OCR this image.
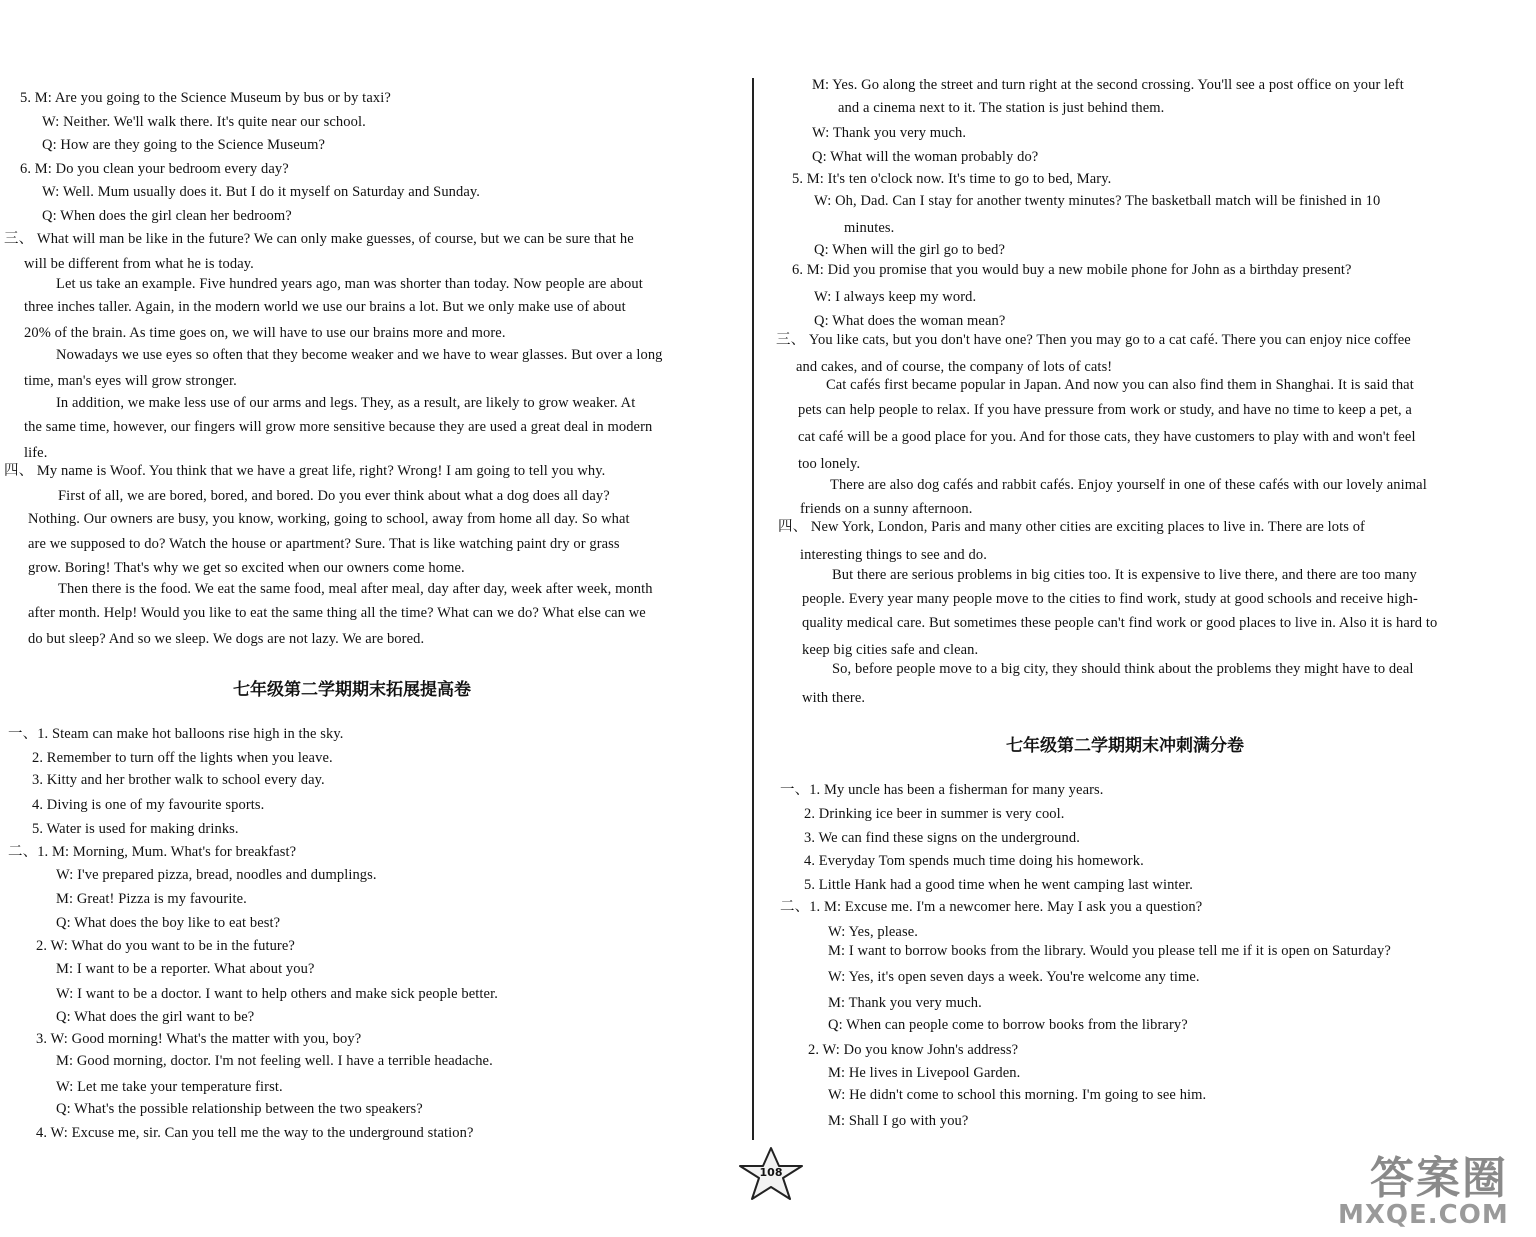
5. M: Are you going to the Science Museum by bus or by taxi?
W: Neither. We'll walk there. It's quite near our school.
Q: How are they going to the Science Museum?
6. M: Do you clean your bedroom every day?
W: Well. Mum usually does it. But I do it myself on Saturday and Sunday.
Q: When does the girl clean her bedroom?
三、 What will man be like in the future? We can only make guesses, of course, but we can be sure that he
will be different from what he is today.
Let us take an example. Five hundred years ago, man was shorter than today. Now people are about
three inches taller. Again, in the modern world we use our brains a lot. But we only make use of about
20% of the brain. As time goes on, we will have to use our brains more and more.
Nowadays we use eyes so often that they become weaker and we have to wear glasses. But over a long
time, man's eyes will grow stronger.
In addition, we make less use of our arms and legs. They, as a result, are likely to grow weaker. At
the same time, however, our fingers will grow more sensitive because they are used a great deal in modern
life.
四、 My name is Woof. You think that we have a great life, right? Wrong! I am going to tell you why.
First of all, we are bored, bored, and bored. Do you ever think about what a dog does all day?
Nothing. Our owners are busy, you know, working, going to school, away from home all day. So what
are we supposed to do? Watch the house or apartment? Sure. That is like watching paint dry or grass
grow. Boring! That's why we get so excited when our owners come home.
Then there is the food. We eat the same food, meal after meal, day after day, week after week, month
after month. Help! Would you like to eat the same thing all the time? What can we do? What else can we
do but sleep? And so we sleep. We dogs are not lazy. We are bored.
七年级第二学期期末拓展提高卷
一、1. Steam can make hot balloons rise high in the sky.
2. Remember to turn off the lights when you leave.
3. Kitty and her brother walk to school every day.
4. Diving is one of my favourite sports.
5. Water is used for making drinks.
二、1. M: Morning, Mum. What's for breakfast?
W: I've prepared pizza, bread, noodles and dumplings.
M: Great! Pizza is my favourite.
Q: What does the boy like to eat best?
2. W: What do you want to be in the future?
M: I want to be a reporter. What about you?
W: I want to be a doctor. I want to help others and make sick people better.
Q: What does the girl want to be?
3. W: Good morning! What's the matter with you, boy?
M: Good morning, doctor. I'm not feeling well. I have a terrible headache.
W: Let me take your temperature first.
Q: What's the possible relationship between the two speakers?
4. W: Excuse me, sir. Can you tell me the way to the underground station?
M: Yes. Go along the street and turn right at the second crossing. You'll see a post office on your left
and a cinema next to it. The station is just behind them.
W: Thank you very much.
Q: What will the woman probably do?
5. M: It's ten o'clock now. It's time to go to bed, Mary.
W: Oh, Dad. Can I stay for another twenty minutes? The basketball match will be finished in 10
minutes.
Q: When will the girl go to bed?
6. M: Did you promise that you would buy a new mobile phone for John as a birthday present?
W: I always keep my word.
Q: What does the woman mean?
三、 You like cats, but you don't have one? Then you may go to a cat café. There you can enjoy nice coffee
and cakes, and of course, the company of lots of cats!
Cat cafés first became popular in Japan. And now you can also find them in Shanghai. It is said that
pets can help people to relax. If you have pressure from work or study, and have no time to keep a pet, a
cat café will be a good place for you. And for those cats, they have customers to play with and won't feel
too lonely.
There are also dog cafés and rabbit cafés. Enjoy yourself in one of these cafés with our lovely animal
friends on a sunny afternoon.
四、 New York, London, Paris and many other cities are exciting places to live in. There are lots of
interesting things to see and do.
But there are serious problems in big cities too. It is expensive to live there, and there are too many
people. Every year many people move to the cities to find work, study at good schools and receive high-
quality medical care. But sometimes these people can't find work or good places to live in. Also it is hard to
keep big cities safe and clean.
So, before people move to a big city, they should think about the problems they might have to deal
with there.
七年级第二学期期末冲刺满分卷
一、1. My uncle has been a fisherman for many years.
2. Drinking ice beer in summer is very cool.
3. We can find these signs on the underground.
4. Everyday Tom spends much time doing his homework.
5. Little Hank had a good time when he went camping last winter.
二、1. M: Excuse me. I'm a newcomer here. May I ask you a question?
W: Yes, please.
M: I want to borrow books from the library. Would you please tell me if it is open on Saturday?
W: Yes, it's open seven days a week. You're welcome any time.
M: Thank you very much.
Q: When can people come to borrow books from the library?
2. W: Do you know John's address?
M: He lives in Livepool Garden.
W: He didn't come to school this morning. I'm going to see him.
M: Shall I go with you?
108	答案圈
MXQE.COM
